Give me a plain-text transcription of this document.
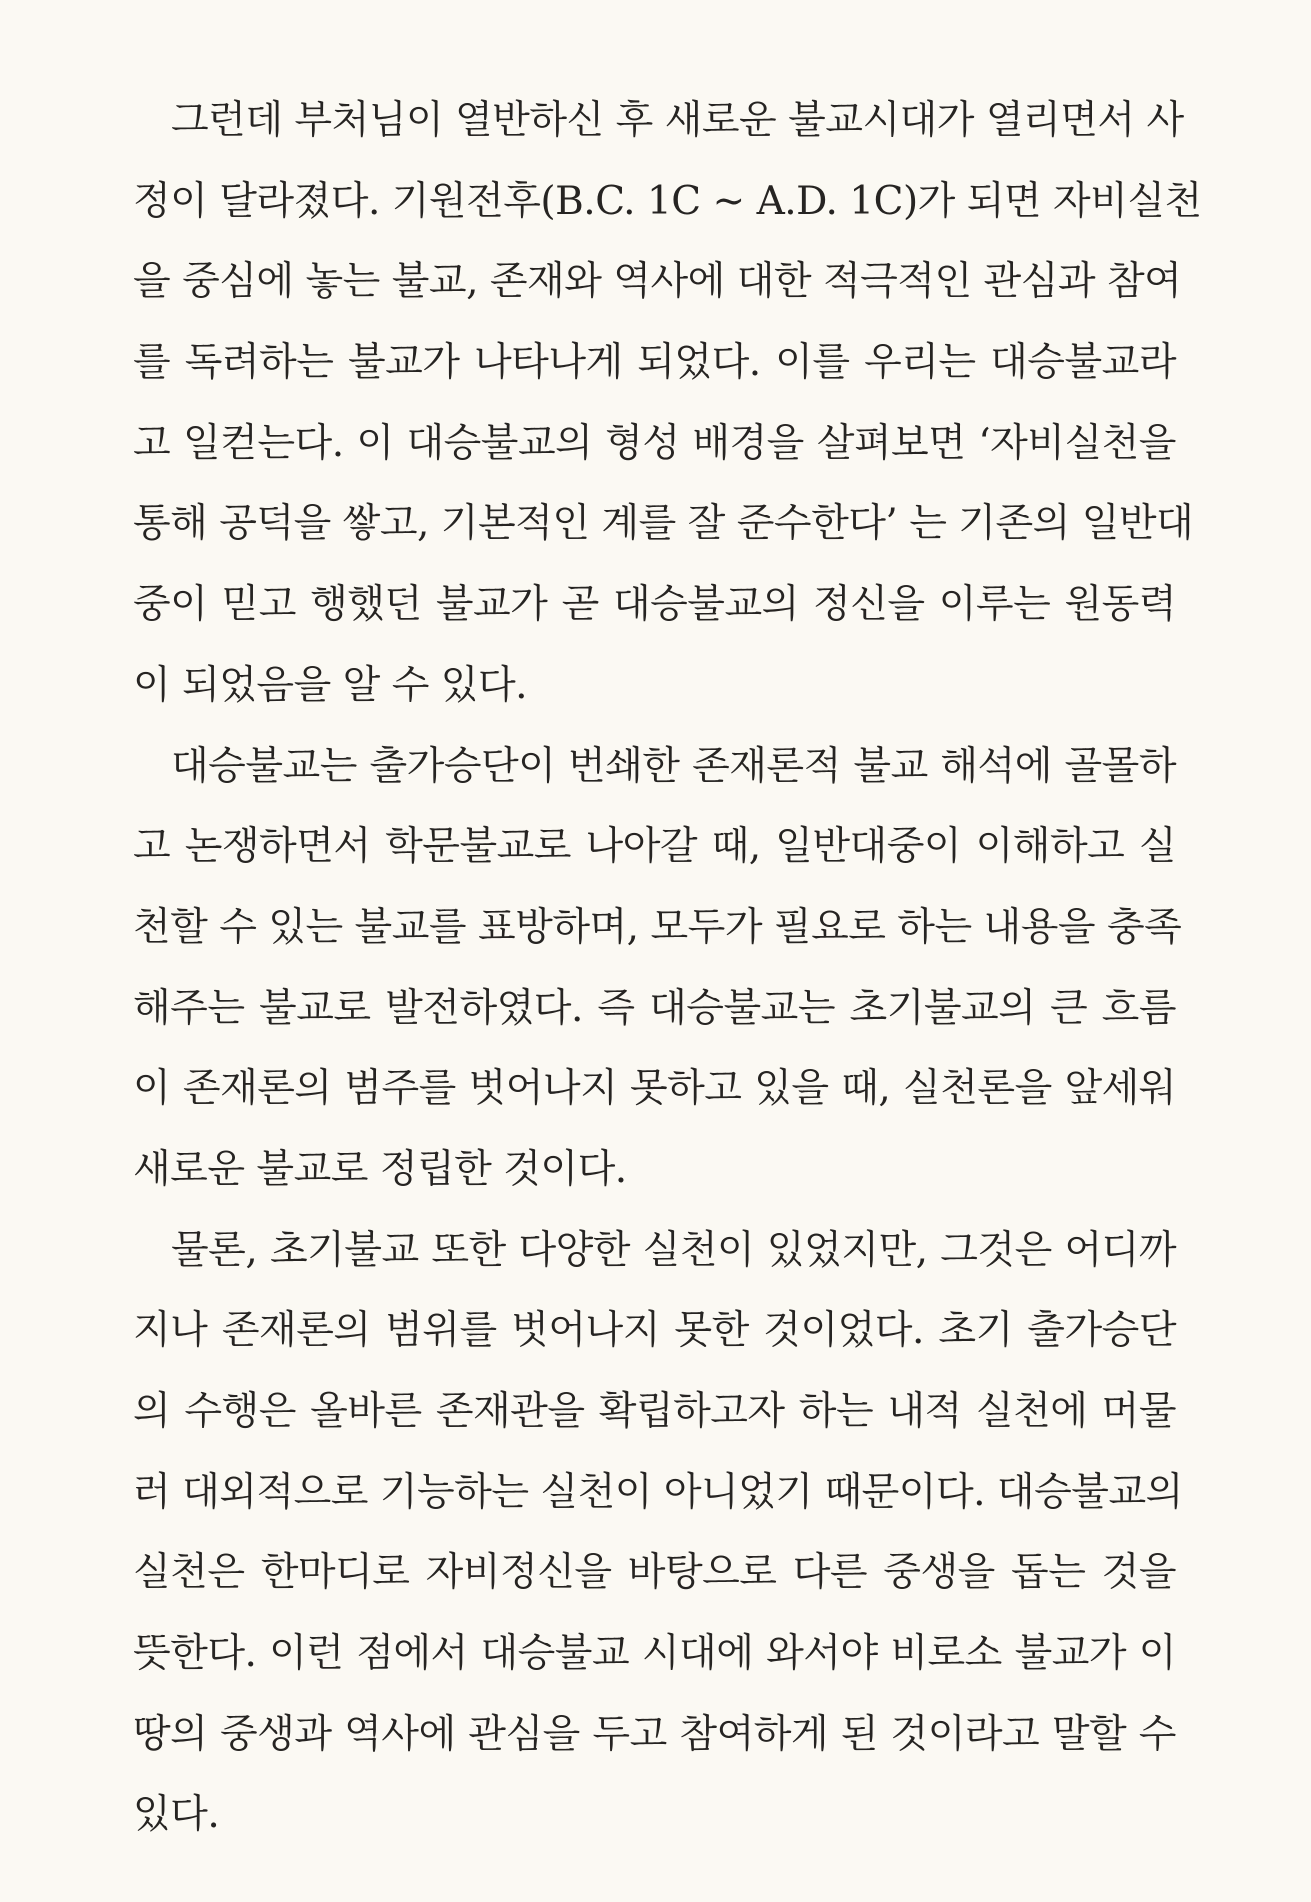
그런데 부처님이 열반하신 후 새로운 불교시대가 열리면서 사
정이 달라졌다. 기원전후(B.C. 1C ~ A.D. 1C)가 되면 자비실천
을 중심에 놓는 불교, 존재와 역사에 대한 적극적인 관심과 참여
를 독려하는 불교가 나타나게 되었다. 이를 우리는 대승불교라
고 일컫는다. 이 대승불교의 형성 배경을 살펴보면 ‘자비실천을
통해 공덕을 쌓고, 기본적인 계를 잘 준수한다’ 는 기존의 일반대
중이 믿고 행했던 불교가 곧 대승불교의 정신을 이루는 원동력
이 되었음을 알 수 있다.
대승불교는 출가승단이 번쇄한 존재론적 불교 해석에 골몰하
고 논쟁하면서 학문불교로 나아갈 때, 일반대중이 이해하고 실
천할 수 있는 불교를 표방하며, 모두가 필요로 하는 내용을 충족
해주는 불교로 발전하였다. 즉 대승불교는 초기불교의 큰 흐름
이 존재론의 범주를 벗어나지 못하고 있을 때, 실천론을 앞세워
새로운 불교로 정립한 것이다.
물론, 초기불교 또한 다양한 실천이 있었지만, 그것은 어디까
지나 존재론의 범위를 벗어나지 못한 것이었다. 초기 출가승단
의 수행은 올바른 존재관을 확립하고자 하는 내적 실천에 머물
러 대외적으로 기능하는 실천이 아니었기 때문이다. 대승불교의
실천은 한마디로 자비정신을 바탕으로 다른 중생을 돕는 것을
뜻한다. 이런 점에서 대승불교 시대에 와서야 비로소 불교가 이
땅의 중생과 역사에 관심을 두고 참여하게 된 것이라고 말할 수
있다.
